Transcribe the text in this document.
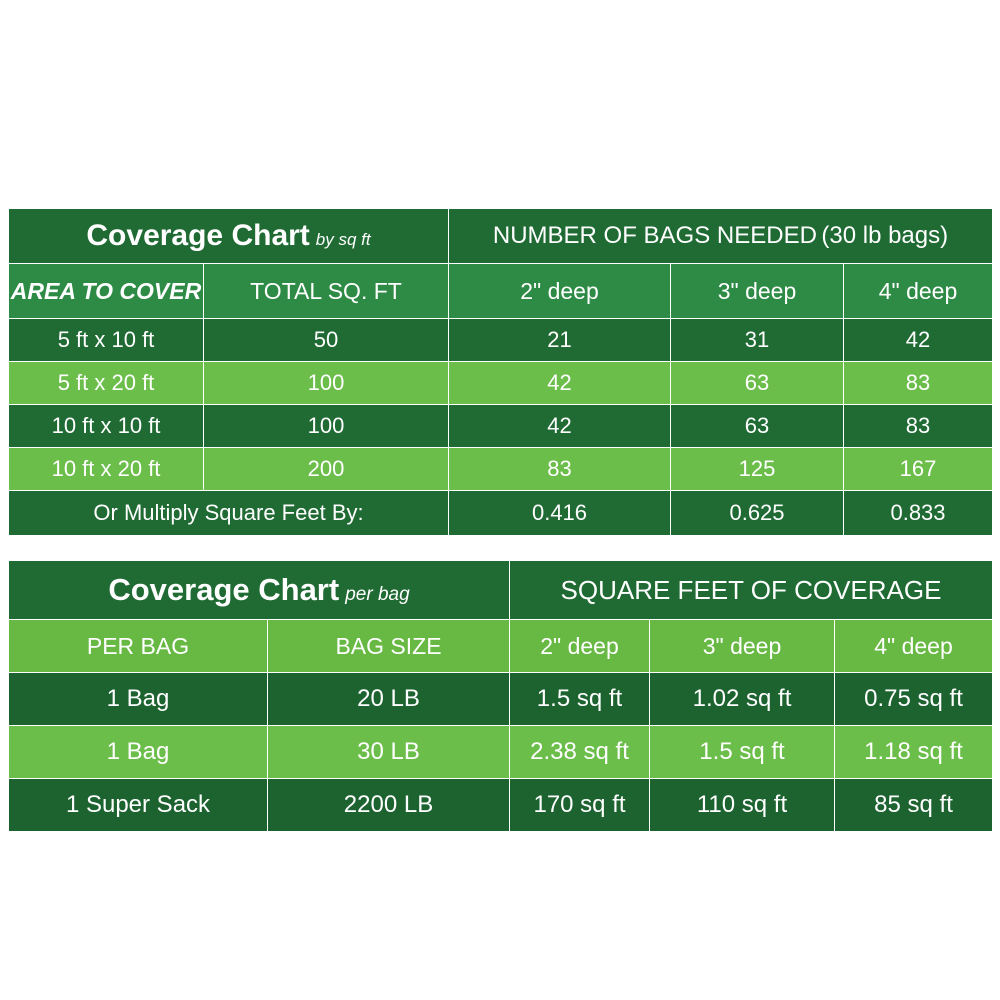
Coverage Chart by sq ft		NUMBER OF BAGS NEEDED (30 lb bags)		
AREA TO COVER	TOTAL SQ. FT	2" deep	3" deep	4" deep
5 ft x 10 ft	50	21	31	42
5 ft x 20 ft	100	42	63	83
10 ft x 10 ft	100	42	63	83
10 ft x 20 ft	200	83	125	167
Or Multiply Square Feet By:		0.416	0.625	0.833
Coverage Chart per bag		SQUARE FEET OF COVERAGE		
PER BAG	BAG SIZE	2" deep	3" deep	4" deep
1 Bag	20 LB	1.5 sq ft	1.02 sq ft	0.75 sq ft
1 Bag	30 LB	2.38 sq ft	1.5 sq ft	1.18 sq ft
1 Super Sack	2200 LB	170 sq ft	110 sq ft	85 sq ft
